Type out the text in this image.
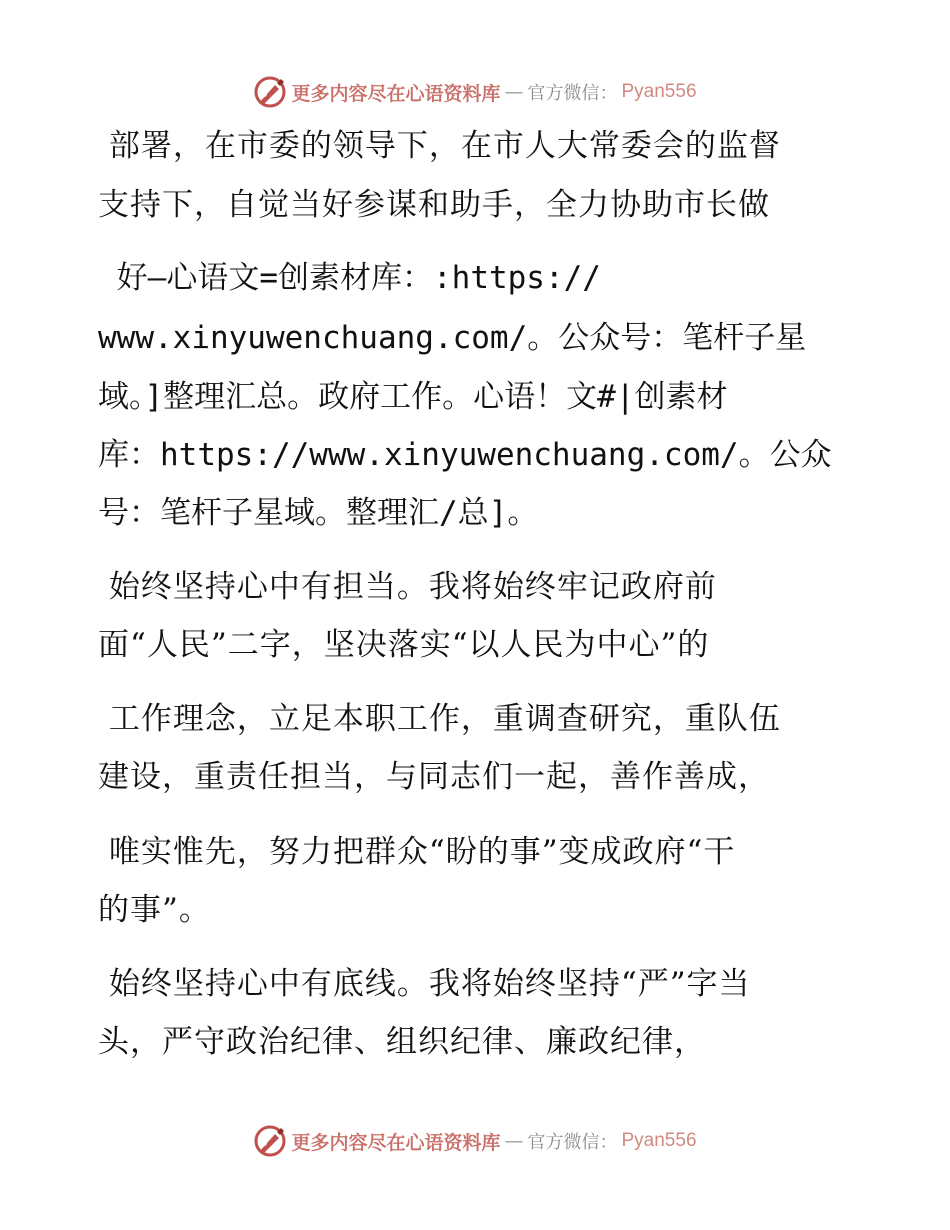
更多内容尽在心语资料库 — 官方微信： Pyan556
部署，在市委的领导下，在市人大常委会的监督
支持下，自觉当好参谋和助手，全力协助市长做
好—心语文=创素材库：:https://
www.xinyuwenchuang.com/。公众号：笔杆子星
域。]整理汇总。政府工作。心语！文#|创素材
库：https://www.xinyuwenchuang.com/。公众
号：笔杆子星域。整理汇/总]。
始终坚持心中有担当。我将始终牢记政府前
面“人民”二字，坚决落实“以人民为中心”的
工作理念，立足本职工作，重调查研究，重队伍
建设，重责任担当，与同志们一起，善作善成，
唯实惟先，努力把群众“盼的事”变成政府“干
的事”。
始终坚持心中有底线。我将始终坚持“严”字当
头，严守政治纪律、组织纪律、廉政纪律，
更多内容尽在心语资料库 — 官方微信： Pyan556
